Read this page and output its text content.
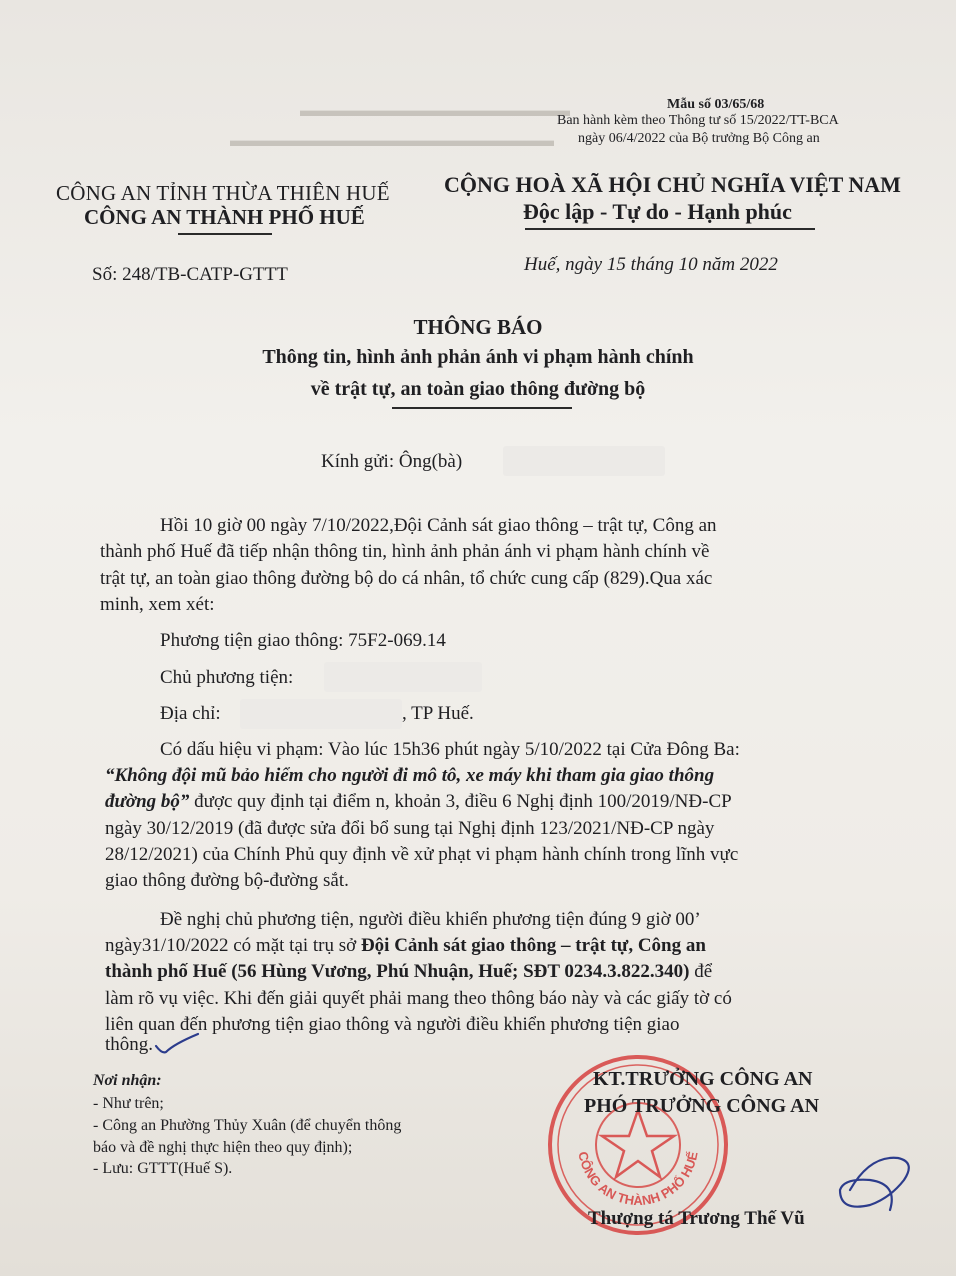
▬▬▬▬▬▬▬▬▬▬▬▬▬▬▬
▬▬▬▬▬▬▬▬▬▬▬▬▬▬▬▬▬▬
Mẫu số 03/65/68
Ban hành kèm theo Thông tư số 15/2022/TT-BCA
ngày 06/4/2022 của Bộ trưởng Bộ Công an
CÔNG AN TỈNH THỪA THIÊN HUẾ
CÔNG AN THÀNH PHỐ HUẾ
CỘNG HOÀ XÃ HỘI CHỦ NGHĨA VIỆT NAM
Độc lập - Tự do - Hạnh phúc
Số: 248/TB-CATP-GTTT	Huế, ngày 15 tháng 10 năm 2022
THÔNG BÁO
Thông tin, hình ảnh phản ánh vi phạm hành chính
về trật tự, an toàn giao thông đường bộ
Kính gửi: Ông(bà)
Hồi 10 giờ 00 ngày 7/10/2022,Đội Cảnh sát giao thông – trật tự, Công an
thành phố Huế đã tiếp nhận thông tin, hình ảnh phản ánh vi phạm hành chính về
trật tự, an toàn giao thông đường bộ do cá nhân, tổ chức cung cấp (829).Qua xác
minh, xem xét:
Phương tiện giao thông: 75F2-069.14
Chủ phương tiện:
Địa chỉ:	, TP Huế.
Có dấu hiệu vi phạm: Vào lúc 15h36 phút ngày 5/10/2022 tại Cửa Đông Ba:
“Không đội mũ bảo hiểm cho người đi mô tô, xe máy khi tham gia giao thông
đường bộ” được quy định tại điểm n, khoản 3, điều 6 Nghị định 100/2019/NĐ-CP
ngày 30/12/2019 (đã được sửa đổi bổ sung tại Nghị định 123/2021/NĐ-CP ngày
28/12/2021) của Chính Phủ quy định về xử phạt vi phạm hành chính trong lĩnh vực
giao thông đường bộ-đường sắt.
Đề nghị chủ phương tiện, người điều khiển phương tiện đúng 9 giờ 00’
ngày31/10/2022 có mặt tại trụ sở Đội Cảnh sát giao thông – trật tự, Công an
thành phố Huế (56 Hùng Vương, Phú Nhuận, Huế; SĐT 0234.3.822.340) để
làm rõ vụ việc. Khi đến giải quyết phải mang theo thông báo này và các giấy tờ có
liên quan đến phương tiện giao thông và người điều khiển phương tiện giao
thông.
Nơi nhận:
- Như trên;
- Công an Phường Thủy Xuân (để chuyển thông
báo và đề nghị thực hiện theo quy định);
- Lưu: GTTT(Huế S).
CÔNG AN THÀNH PHỐ HUẾ
KT.TRƯỞNG CÔNG AN
PHÓ TRƯỞNG CÔNG AN
Thượng tá Trương Thế Vũ
